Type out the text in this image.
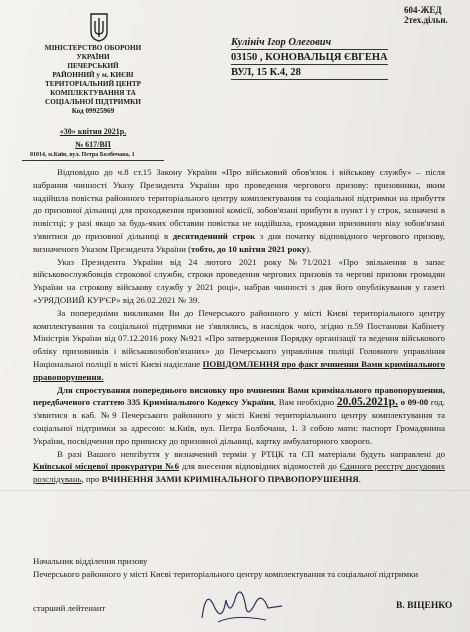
604-ЖЕД 2тех.дільн.
МІНІСТЕРСТВО ОБОРОНИ
УКРАЇНИ
ПЕЧЕРСЬКИЙ
РАЙОННИЙ у м. КИЄВІ
ТЕРИТОРІАЛЬНИЙ ЦЕНТР
КОМПЛЕКТУВАННЯ ТА
СОЦІАЛЬНОЇ ПІДТРИМКИ
Код 09925969
«30» квітня 2021р.
№ 617/ВП
01014, м.Київ, вул. Петра Болбочана, 1
Кулініч Ігор Олегович
03150 , КОНОВАЛЬЦЯ ЄВГЕНА
ВУЛ, 15 К.4, 28

Відповідно до ч.8 ст.15 Закону України «Про військовий обов'язок і військову службу» – після набрання чинності Указу Президента України про проведення чергового призову: призовники, яким надійшла повістка районного територіального центру комплектування та соціальної підтримки на прибуття до призовної дільниці для проходження призовної комісії, зобов'язані прибути в пункт і у строк, зазначені в повістці; у разі якщо за будь-яких обставин повістка не надійшла, громадяни призовного віку зобов'язані з'явитися до призовної дільниці в десятиденний строк з дня початку відповідного чергового призову, визначеного Указом Президента України (тобто, до 10 квітня 2021 року).

Указ Президента України від 24 лютого 2021 року №71/2021 «Про звільнення в запас військовослужбовців строкової служби, строки проведення чергових призовів та чергові призови громадян України на строкову військову службу у 2021 році», набрав чинності з дня його опублікування у газеті «УРЯДОВИЙ КУР'ЄР» від 26.02.2021 № 39.

За попередніми викликами Ви до Печерського районного у місті Києві територіального центру комплектування та соціальної підтримки не з'являлись, в наслідок чого, згідно п.59 Постанови Кабінету Міністрів України від 07.12.2016 року №921 «Про затвердження Порядку організації та ведення військового обліку призовників і військовозобов'язаних» до Печерського управління поліції Головного управління Національної поліції в місті Києві надіслане ПОВІДОМЛЕННЯ про факт вчинення Вами кримінального правопорушення.

Для спростування попереднього висновку про вчинення Вами кримінального правопорушення, передбаченого статтею 335 Кримінального Кодексу України, Вам необхідно 20.05.2021р. о 09-00 год. з'явитися в каб. №9 Печерського районного у місті Києві територіального центру комплектування та соціальної підтримки за адресою: м.Київ, вул. Петра Болбочана, 1. З собою мати: паспорт Громадянина України, посвідчення про приписку до призовної дільниці, картку амбулаторного хворого.

В разі Вашого непribуття у визначений термін у РТЦК та СП матеріали будуть направлені до Київської місцевої прокуратури №6 для внесення відповідних відомостей до Єдиного реєстру досудових розслідувань, про ВЧИНЕННЯ ЗАМИ КРИМІНАЛЬНОГО ПРАВОПОРУШЕННЯ.

Начальник відділення призову
Печерського районного у місті Києві територіального центру комплектування та соціальної підтримки
старший лейтенант	В. ВІЦЕНКО
